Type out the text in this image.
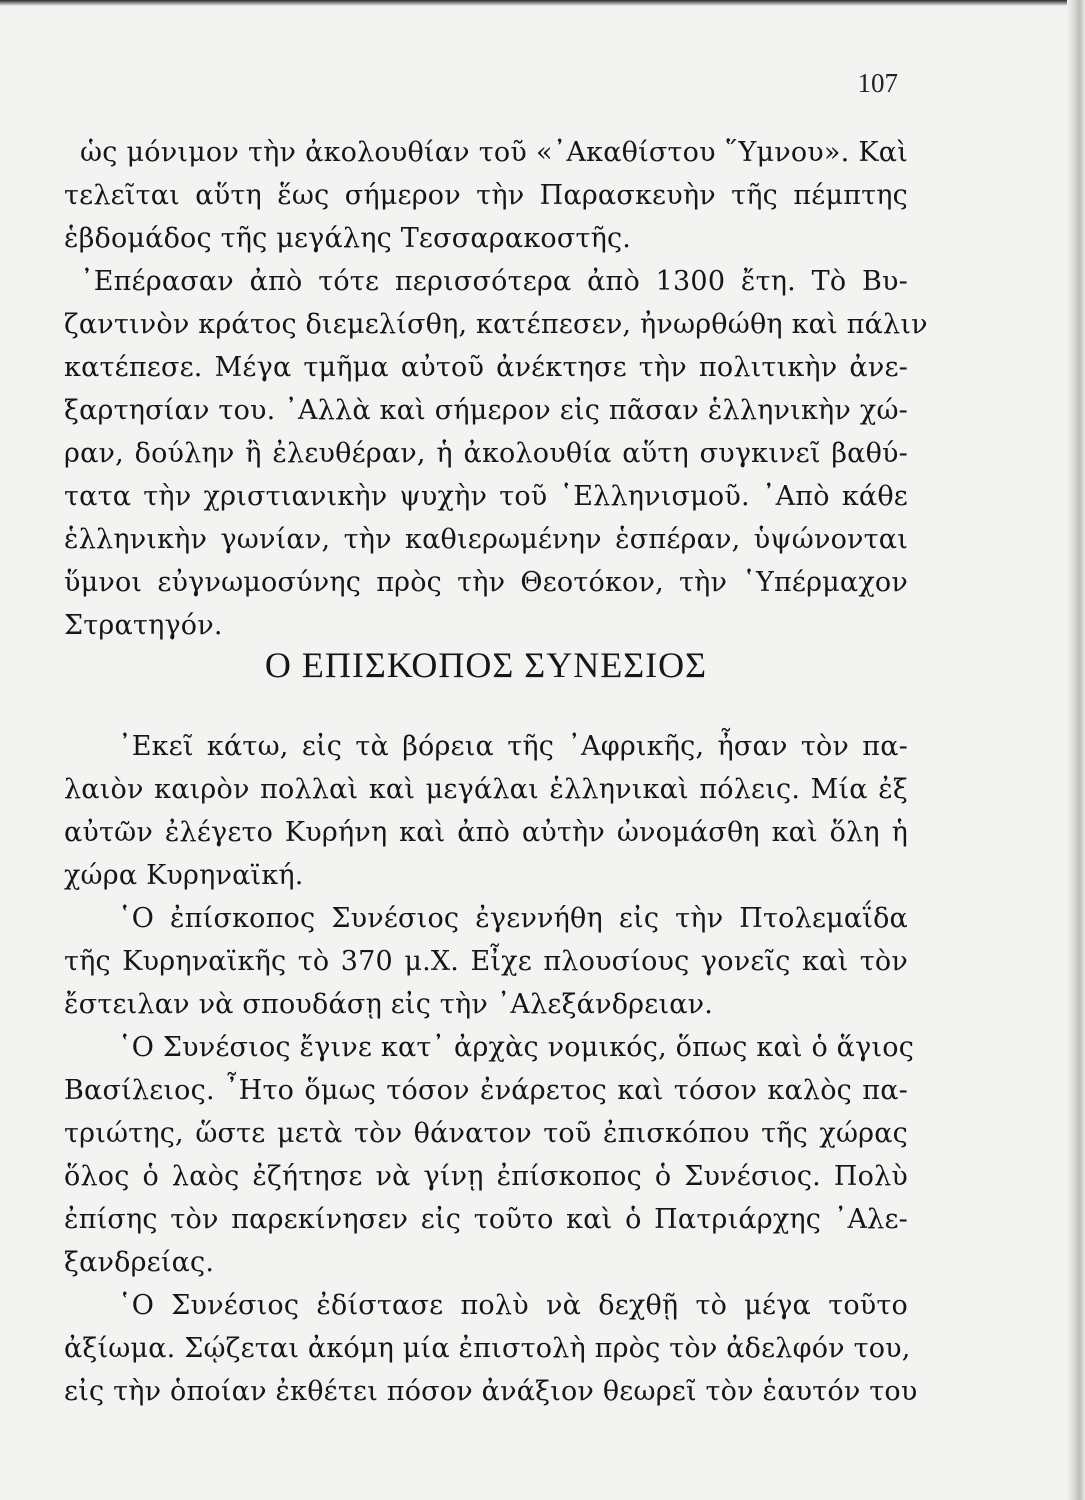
107
ὡς μόνιμον τὴν ἀκολουθίαν τοῦ «᾿Ακαθίστου ῞Υμνου». Καὶ
τελεῖται αὕτη ἕως σήμερον τὴν Παρασκευὴν τῆς πέμπτης
ἑβδομάδος τῆς μεγάλης Τεσσαρακοστῆς.
᾿Επέρασαν ἀπὸ τότε περισσότερα ἀπὸ 1300 ἔτη. Τὸ Βυ-
ζαντινὸν κράτος διεμελίσθη, κατέπεσεν, ἠνωρθώθη καὶ πάλιν
κατέπεσε. Μέγα τμῆμα αὐτοῦ ἀνέκτησε τὴν πολιτικὴν ἀνε-
ξαρτησίαν του. ᾿Αλλὰ καὶ σήμερον εἰς πᾶσαν ἑλληνικὴν χώ-
ραν, δούλην ἢ ἐλευθέραν, ἡ ἀκολουθία αὕτη συγκινεῖ βαθύ-
τατα τὴν χριστιανικὴν ψυχὴν τοῦ ῾Ελληνισμοῦ. ᾿Απὸ κάθε
ἑλληνικὴν γωνίαν, τὴν καθιερωμένην ἑσπέραν, ὑψώνονται
ὕμνοι εὐγνωμοσύνης πρὸς τὴν Θεοτόκον, τὴν ῾Υπέρμαχον
Στρατηγόν.
Ο ΕΠΙΣΚΟΠΟΣ ΣΥΝΕΣΙΟΣ
᾿Εκεῖ κάτω, εἰς τὰ βόρεια τῆς ᾿Αφρικῆς, ἦσαν τὸν πα-
λαιὸν καιρὸν πολλαὶ καὶ μεγάλαι ἑλληνικαὶ πόλεις. Μία ἐξ
αὐτῶν ἐλέγετο Κυρήνη καὶ ἀπὸ αὐτὴν ὠνομάσθη καὶ ὅλη ἡ
χώρα Κυρηναϊκή.
῾Ο ἐπίσκοπος Συνέσιος ἐγεννήθη εἰς τὴν Πτολεμαΐδα
τῆς Κυρηναϊκῆς τὸ 370 μ.Χ. Εἶχε πλουσίους γονεῖς καὶ τὸν
ἔστειλαν νὰ σπουδάσῃ εἰς τὴν ᾿Αλεξάνδρειαν.
῾Ο Συνέσιος ἔγινε κατ᾿ ἀρχὰς νομικός, ὅπως καὶ ὁ ἅγιος
Βασίλειος. ῏Ητο ὅμως τόσον ἐνάρετος καὶ τόσον καλὸς πα-
τριώτης, ὥστε μετὰ τὸν θάνατον τοῦ ἐπισκόπου τῆς χώρας
ὅλος ὁ λαὸς ἐζήτησε νὰ γίνῃ ἐπίσκοπος ὁ Συνέσιος. Πολὺ
ἐπίσης τὸν παρεκίνησεν εἰς τοῦτο καὶ ὁ Πατριάρχης ᾿Αλε-
ξανδρείας.
῾Ο Συνέσιος ἐδίστασε πολὺ νὰ δεχθῇ τὸ μέγα τοῦτο
ἀξίωμα. Σῴζεται ἀκόμη μία ἐπιστολὴ πρὸς τὸν ἀδελφόν του,
εἰς τὴν ὁποίαν ἐκθέτει πόσον ἀνάξιον θεωρεῖ τὸν ἑαυτόν του
